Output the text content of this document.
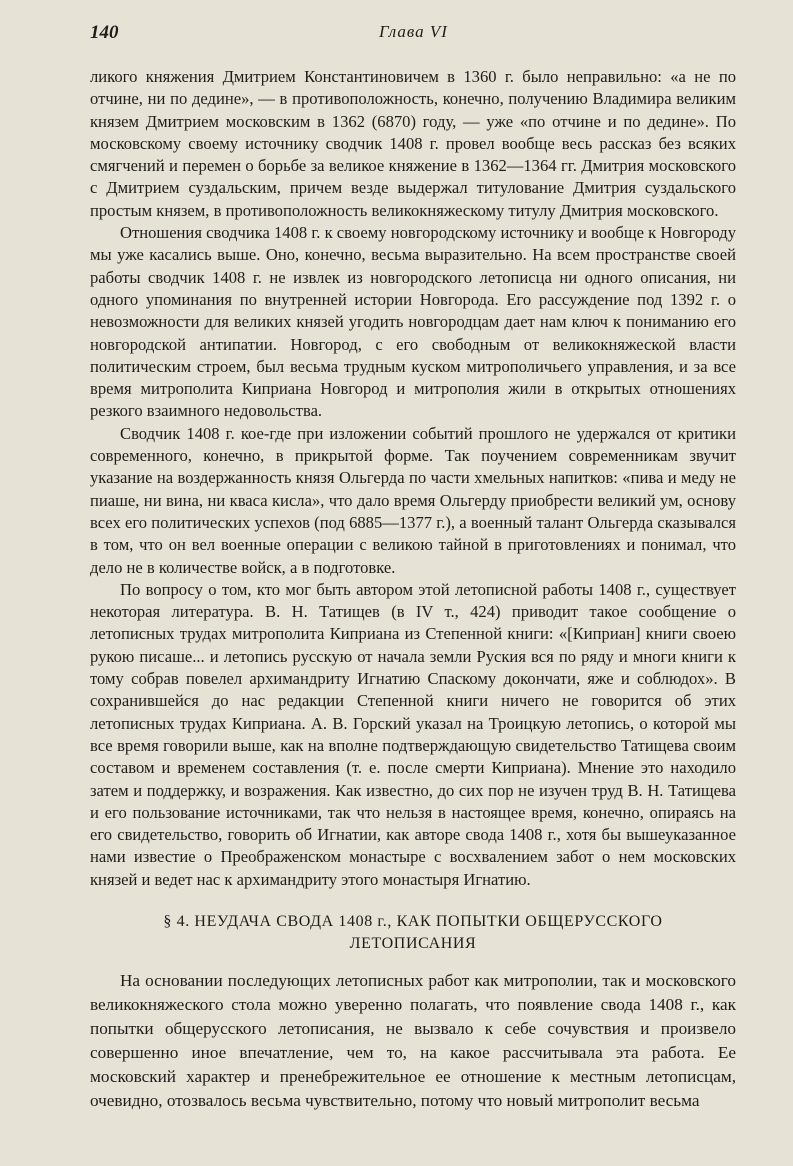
140	Глава VI

ликого княжения Дмитрием Константиновичем в 1360 г. было неправильно: «а не по отчине, ни по дедине», — в противоположность, конечно, получению Владимира великим князем Дмитрием московским в 1362 (6870) году, — уже «по отчине и по дедине». По московскому своему источнику сводчик 1408 г. провел вообще весь рассказ без всяких смягчений и перемен о борьбе за великое княжение в 1362—1364 гг. Дмитрия московского с Дмитрием суздальским, причем везде выдержал титулование Дмитрия суздальского простым князем, в противоположность великокняжескому титулу Дмитрия московского.

Отношения сводчика 1408 г. к своему новгородскому источнику и вообще к Новгороду мы уже касались выше. Оно, конечно, весьма выразительно. На всем пространстве своей работы сводчик 1408 г. не извлек из новгородского летописца ни одного описания, ни одного упоминания по внутренней истории Новгорода. Его рассуждение под 1392 г. о невозможности для великих князей угодить новгородцам дает нам ключ к пониманию его новгородской антипатии. Новгород, с его свободным от великокняжеской власти политическим строем, был весьма трудным куском митрополичьего управления, и за все время митрополита Киприана Новгород и митрополия жили в открытых отношениях резкого взаимного недовольства.

Сводчик 1408 г. кое-где при изложении событий прошлого не удержался от критики современного, конечно, в прикрытой форме. Так поучением современникам звучит указание на воздержанность князя Ольгерда по части хмельных напитков: «пива и меду не пиаше, ни вина, ни кваса кисла», что дало время Ольгерду приобрести великий ум, основу всех его политических успехов (под 6885—1377 г.), а военный талант Ольгерда сказывался в том, что он вел военные операции с великою тайной в приготовлениях и понимал, что дело не в количестве войск, а в подготовке.

По вопросу о том, кто мог быть автором этой летописной работы 1408 г., существует некоторая литература. В. Н. Татищев (в IV т., 424) приводит такое сообщение о летописных трудах митрополита Киприана из Степенной книги: «[Киприан] книги своею рукою писаше... и летопись русскую от начала земли Руския вся по ряду и многи книги к тому собрав повелел архимандриту Игнатию Спаскому докончати, яже и соблюдох». В сохранившейся до нас редакции Степенной книги ничего не говорится об этих летописных трудах Киприана. А. В. Горский указал на Троицкую летопись, о которой мы все время говорили выше, как на вполне подтверждающую свидетельство Татищева своим составом и временем составления (т. е. после смерти Киприана). Мнение это находило затем и поддержку, и возражения. Как известно, до сих пор не изучен труд В. Н. Татищева и его пользование источниками, так что нельзя в настоящее время, конечно, опираясь на его свидетельство, говорить об Игнатии, как авторе свода 1408 г., хотя бы вышеуказанное нами известие о Преображенском монастыре с восхвалением забот о нем московских князей и ведет нас к архимандриту этого монастыря Игнатию.

§ 4. НЕУДАЧА СВОДА 1408 г., КАК ПОПЫТКИ ОБЩЕРУССКОГО ЛЕТОПИСАНИЯ

На основании последующих летописных работ как митрополии, так и московского великокняжеского стола можно уверенно полагать, что появление свода 1408 г., как попытки общерусского летописания, не вызвало к себе сочувствия и произвело совершенно иное впечатление, чем то, на какое рассчитывала эта работа. Ее московский характер и пренебрежительное ее отношение к местным летописцам, очевидно, отозвалось весьма чувствительно, потому что новый митрополит весьма
